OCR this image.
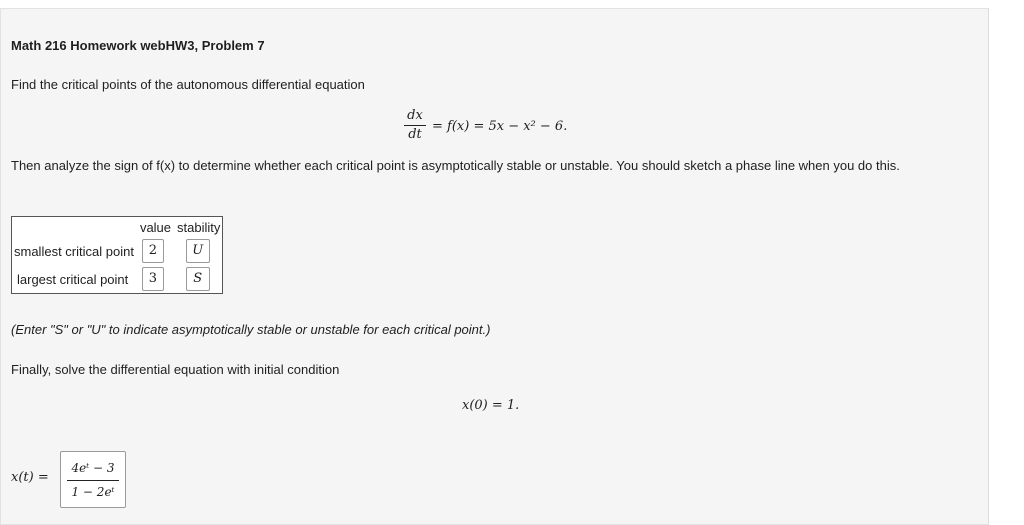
Math 216 Homework webHW3, Problem 7
Find the critical points of the autonomous differential equation
dx
dt
= f(x) = 5x − x² − 6.
Then analyze the sign of f(x) to determine whether each critical point is asymptotically stable or unstable. You should sketch a phase line when you do this.
	value	stability
smallest critical point	2	U
largest critical point	3	S
(Enter "S" or "U" to indicate asymptotically stable or unstable for each critical point.)
Finally, solve the differential equation with initial condition
x(0) = 1.
x(t) =
4eᵗ − 3
1 − 2eᵗ
